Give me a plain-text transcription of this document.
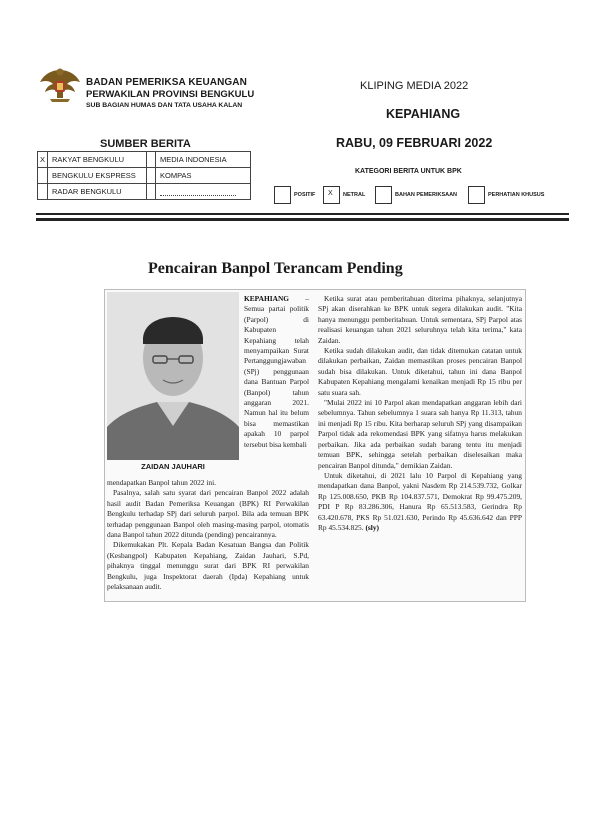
BADAN PEMERIKSA KEUANGAN
PERWAKILAN PROVINSI BENGKULU
SUB BAGIAN HUMAS DAN TATA USAHA KALAN
KLIPING MEDIA 2022
KEPAHIANG
SUMBER BERITA	RABU, 09 FEBRUARI 2022
KATEGORI BERITA UNTUK BPK
X	RAKYAT BENGKULU		MEDIA INDONESIA
	BENGKULU EKSPRESS		KOMPAS
	RADAR BENGKULU			POSITIF X NETRAL	BAHAN PEMERIKSAAN	PERHATIAN KHUSUS
Pencairan Banpol Terancam Pending
ZAIDAN JAUHARI

KEPAHIANG – Semua partai politik (Parpol) di Kabupaten Kepahiang telah menyampaikan Surat Pertanggungjawaban (SPj) penggunaan dana Bantuan Parpol (Banpol) tahun anggaran 2021. Namun hal itu belum bisa memastikan apakah 10 parpol tersebut bisa kembali

mendapatkan Banpol tahun 2022 ini.

Pasalnya, salah satu syarat dari pencairan Banpol 2022 adalah hasil audit Badan Pemeriksa Keuangan (BPK) RI Perwakilan Bengkulu terhadap SPj dari seluruh parpol. Bila ada temuan BPK terhadap penggunaan Banpol oleh masing-masing parpol, otomatis dana Banpol tahun 2022 ditunda (pending) pencairannya.

Dikemukakan Plt. Kepala Badan Kesatuan Bangsa dan Politik (Kesbangpol) Kabupaten Kepahiang, Zaidan Jauhari, S.Pd, pihaknya tinggal menunggu surat dari BPK RI perwakilan Bengkulu, juga Inspektorat daerah (Ipda) Kepahiang untuk pelaksanaan audit.

Ketika surat atau pemberitahuan diterima pihaknya, selanjutnya SPj akan diserahkan ke BPK untuk segera dilakukan audit. "Kita hanya menunggu pemberitahuan. Untuk sementara, SPj Parpol atas realisasi keuangan tahun 2021 seluruhnya telah kita terima," kata Zaidan.

Ketika sudah dilakukan audit, dan tidak ditemukan catatan untuk dilakukan perbaikan, Zaidan memastikan proses pencairan Banpol sudah bisa dilakukan. Untuk diketahui, tahun ini dana Banpol Kabupaten Kepahiang mengalami kenaikan menjadi Rp 15 ribu per satu suara sah.

"Mulai 2022 ini 10 Parpol akan mendapatkan anggaran lebih dari sebelumnya. Tahun sebelumnya 1 suara sah hanya Rp 11.313, tahun ini menjadi Rp 15 ribu. Kita berharap seluruh SPj yang disampaikan Parpol tidak ada rekomendasi BPK yang sifatnya harus melakukan perbaikan. Jika ada perbaikan sudah barang tentu itu menjadi temuan BPK, sehingga setelah perbaikan diselesaikan maka pencairan Banpol ditunda," demikian Zaidan.

Untuk diketahui, di 2021 lalu 10 Parpol di Kepahiang yang mendapatkan dana Banpol, yakni Nasdem Rp 214.539.732, Golkar Rp 125.008.650, PKB Rp 104.837.571, Demokrat Rp 99.475.209, PDI P Rp 83.286.306, Hanura Rp 65.513.583, Gerindra Rp 63.420.678, PKS Rp 51.021.630, Perindo Rp 45.636.642 dan PPP Rp 45.534.825. (sly)
